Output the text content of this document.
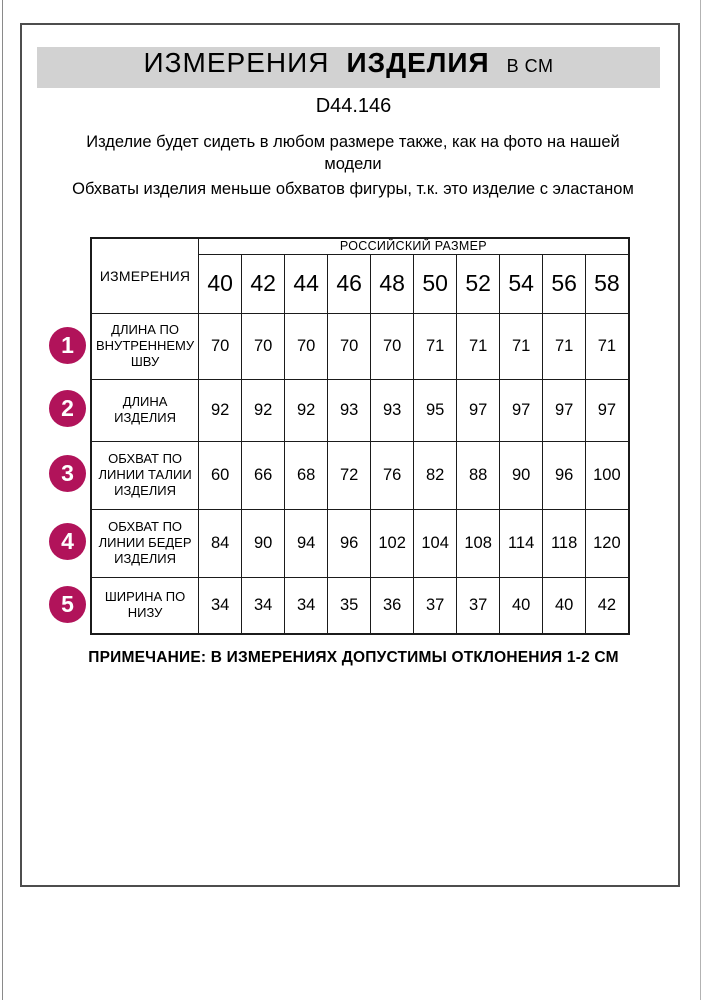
ИЗМЕРЕНИЯ ИЗДЕЛИЯ В СМ
D44.146
Изделие будет сидеть в любом размере также, как на фото на нашей модели
Обхваты изделия меньше обхватов фигуры, т.к. это изделие с эластаном
ИЗМЕРЕНИЯ	РОССИЙСКИЙ РАЗМЕР									
	40	42	44	46	48	50	52	54	56	58
ДЛИНА ПО ВНУТРЕННЕМУ ШВУ	70	70	70	70	70	71	71	71	71	71
ДЛИНА ИЗДЕЛИЯ	92	92	92	93	93	95	97	97	97	97
ОБХВАТ ПО ЛИНИИ ТАЛИИ ИЗДЕЛИЯ	60	66	68	72	76	82	88	90	96	100
ОБХВАТ ПО ЛИНИИ БЕДЕР ИЗДЕЛИЯ	84	90	94	96	102	104	108	114	118	120
ШИРИНА ПО НИЗУ	34	34	34	35	36	37	37	40	40	42
1
2
3
4
5
ПРИМЕЧАНИЕ: В ИЗМЕРЕНИЯХ ДОПУСТИМЫ ОТКЛОНЕНИЯ 1-2 СМ
